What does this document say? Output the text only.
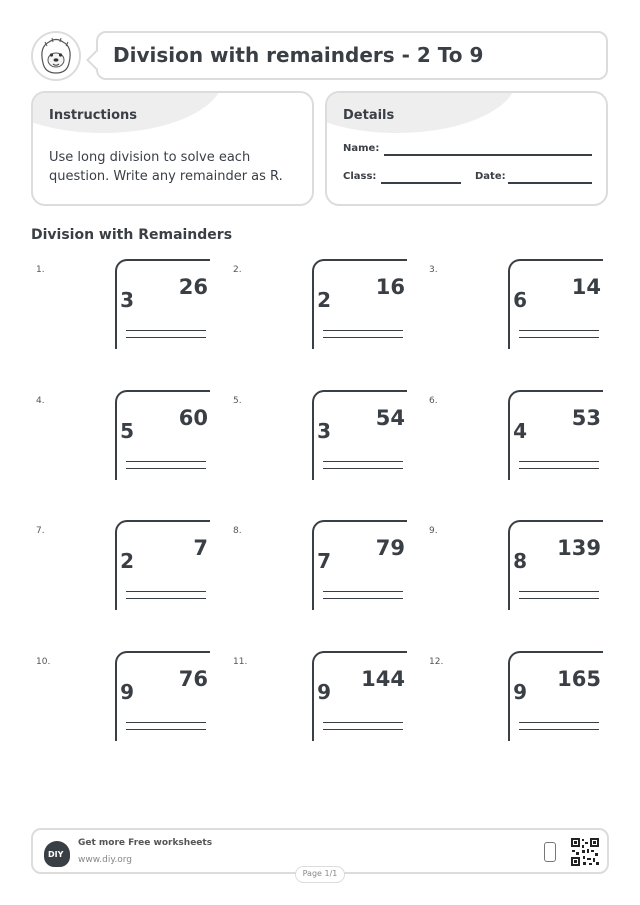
Division with remainders - 2 To 9
Instructions
Use long division to solve each question. Write any remainder as R.
Details
Name:
Class:	Date:
Division with Remainders
1.
3
26
2.
2
16
3.
6
14
4.
5
60
5.
3
54
6.
4
53
7.
2
7
8.
7
79
9.
8
139
10.
9
76
11.
9
144
12.
9
165
DIY
Get more Free worksheets
www.diy.org
Page 1/1
